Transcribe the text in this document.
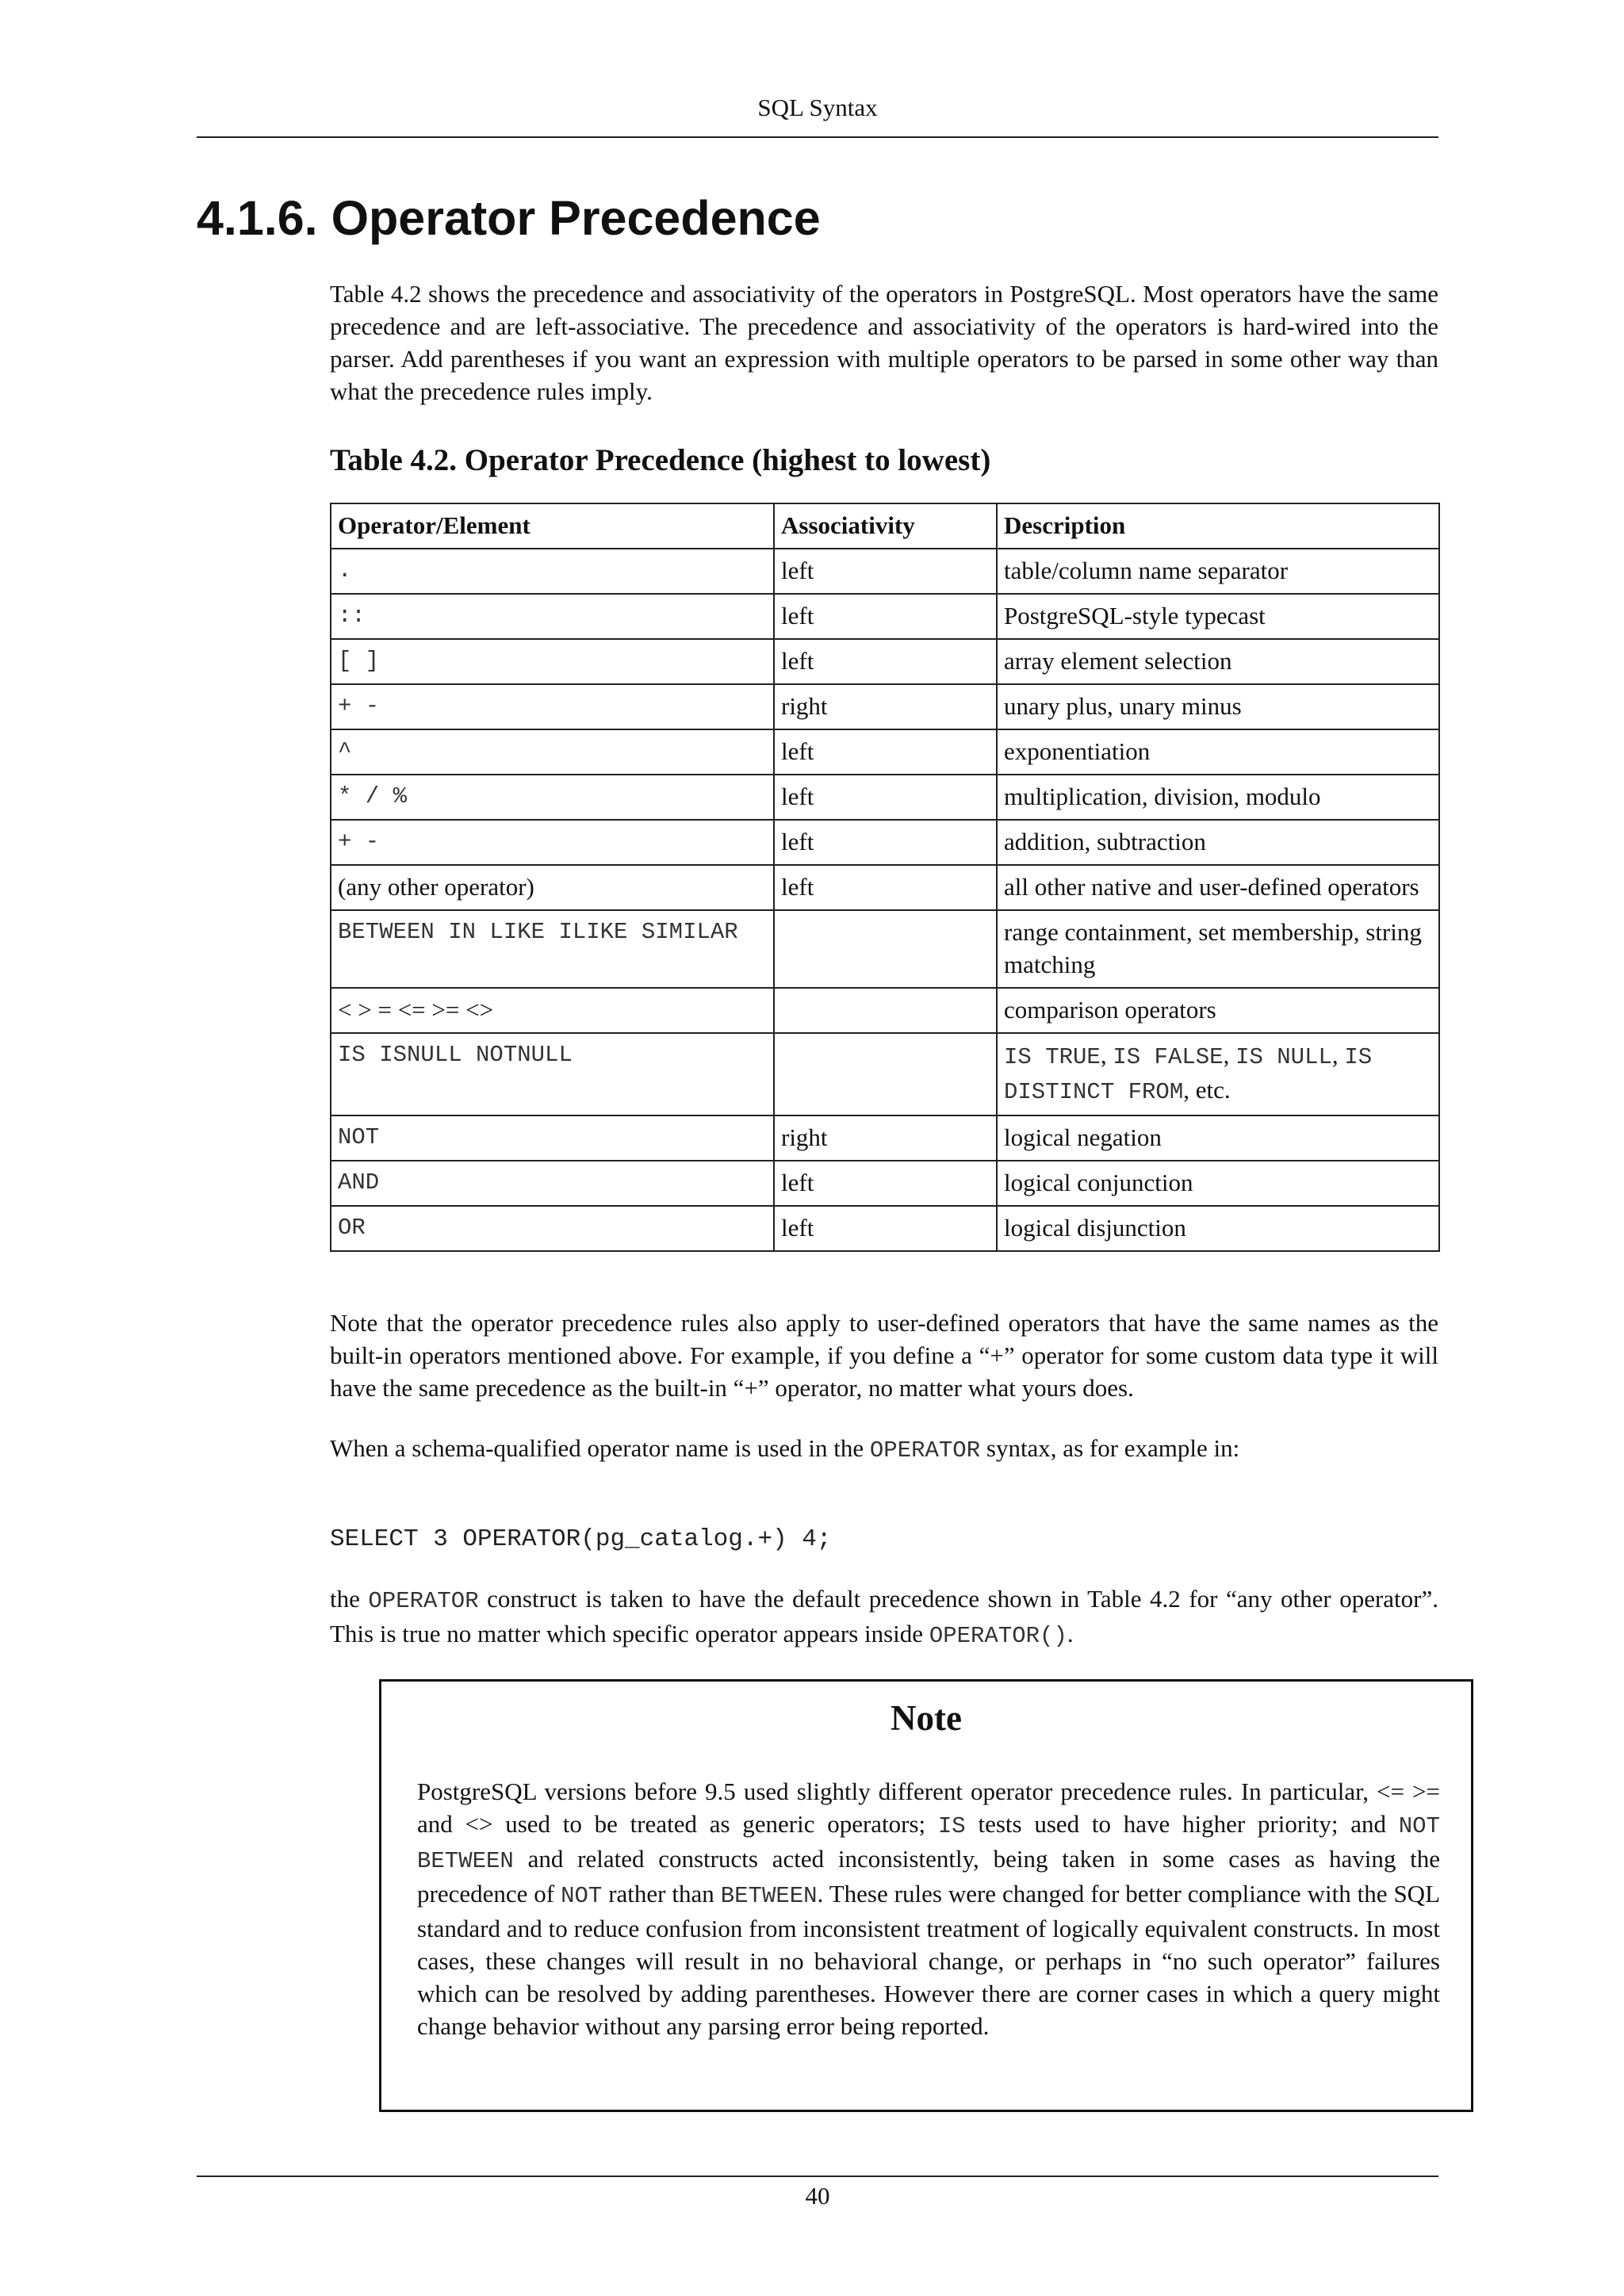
SQL Syntax
4.1.6. Operator Precedence

Table 4.2 shows the precedence and associativity of the operators in PostgreSQL. Most operators have the same precedence and are left-associative. The precedence and associativity of the operators is hard-wired into the parser. Add parentheses if you want an expression with multiple operators to be parsed in some other way than what the precedence rules imply.

Table 4.2. Operator Precedence (highest to lowest)
Operator/Element	Associativity	Description
.	left	table/column name separator
::	left	PostgreSQL-style typecast
[ ]	left	array element selection
+ -	right	unary plus, unary minus
^	left	exponentiation
* / %	left	multiplication, division, modulo
+ -	left	addition, subtraction
(any other operator)	left	all other native and user-defined operators
BETWEEN IN LIKE ILIKE SIMILAR		range containment, set membership, string matching
< > = <= >= <>		comparison operators
IS ISNULL NOTNULL		IS TRUE, IS FALSE, IS NULL, IS DISTINCT FROM, etc.
NOT	right	logical negation
AND	left	logical conjunction
OR	left	logical disjunction

Note that the operator precedence rules also apply to user-defined operators that have the same names as the built-in operators mentioned above. For example, if you define a “+” operator for some custom data type it will have the same precedence as the built-in “+” operator, no matter what yours does.

When a schema-qualified operator name is used in the OPERATOR syntax, as for example in:

SELECT 3 OPERATOR(pg_catalog.+) 4;

the OPERATOR construct is taken to have the default precedence shown in Table 4.2 for “any other operator”. This is true no matter which specific operator appears inside OPERATOR().

Note

PostgreSQL versions before 9.5 used slightly different operator precedence rules. In particular, <= >= and <> used to be treated as generic operators; IS tests used to have higher priority; and NOT BETWEEN and related constructs acted inconsistently, being taken in some cases as having the precedence of NOT rather than BETWEEN. These rules were changed for better compliance with the SQL standard and to reduce confusion from inconsistent treatment of logically equivalent constructs. In most cases, these changes will result in no behavioral change, or perhaps in “no such operator” failures which can be resolved by adding parentheses. However there are corner cases in which a query might change behavior without any parsing error being reported.

40
